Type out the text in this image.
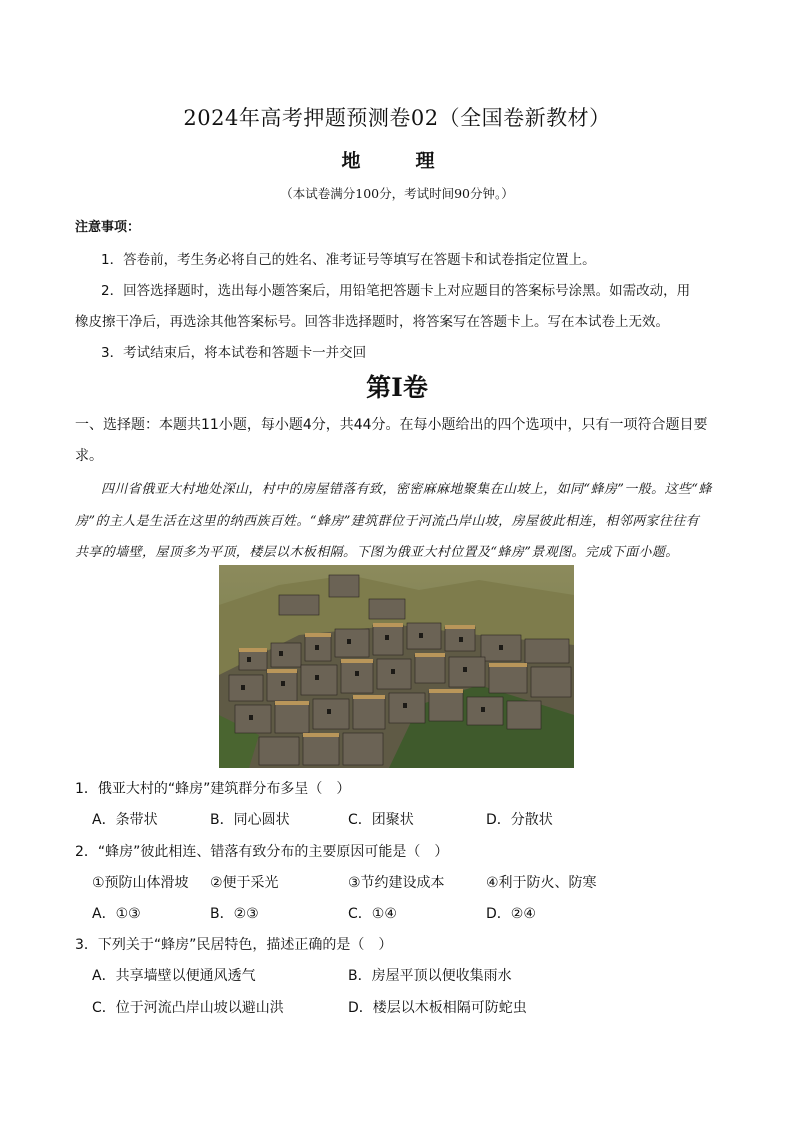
2024年高考押题预测卷02（全国卷新教材）
地　理
（本试卷满分100分，考试时间90分钟。）
注意事项：
1．答卷前，考生务必将自己的姓名、准考证号等填写在答题卡和试卷指定位置上。
2．回答选择题时，选出每小题答案后，用铅笔把答题卡上对应题目的答案标号涂黑。如需改动，用
橡皮擦干净后，再选涂其他答案标号。回答非选择题时，将答案写在答题卡上。写在本试卷上无效。
3．考试结束后，将本试卷和答题卡一并交回
第Ⅰ卷
一、选择题：本题共11小题，每小题4分，共44分。在每小题给出的四个选项中，只有一项符合题目要
求。
四川省俄亚大村地处深山，村中的房屋错落有致，密密麻麻地聚集在山坡上，如同“蜂房”一般。这些“蜂
房”的主人是生活在这里的纳西族百姓。“蜂房”建筑群位于河流凸岸山坡，房屋彼此相连，相邻两家往往有
共享的墙壁，屋顶多为平顶，楼层以木板相隔。下图为俄亚大村位置及“蜂房”景观图。完成下面小题。
1．俄亚大村的“蜂房”建筑群分布多呈（　）
A．条带状	B．同心圆状	C．团聚状	D．分散状
2．“蜂房”彼此相连、错落有致分布的主要原因可能是（　）
①预防山体滑坡 ②便于采光	③节约建设成本	④利于防火、防寒
A．①③	B．②③	C．①④	D．②④
3．下列关于“蜂房”民居特色，描述正确的是（　）
A．共享墙壁以便通风透气	B．房屋平顶以便收集雨水
C．位于河流凸岸山坡以避山洪	D．楼层以木板相隔可防蛇虫
